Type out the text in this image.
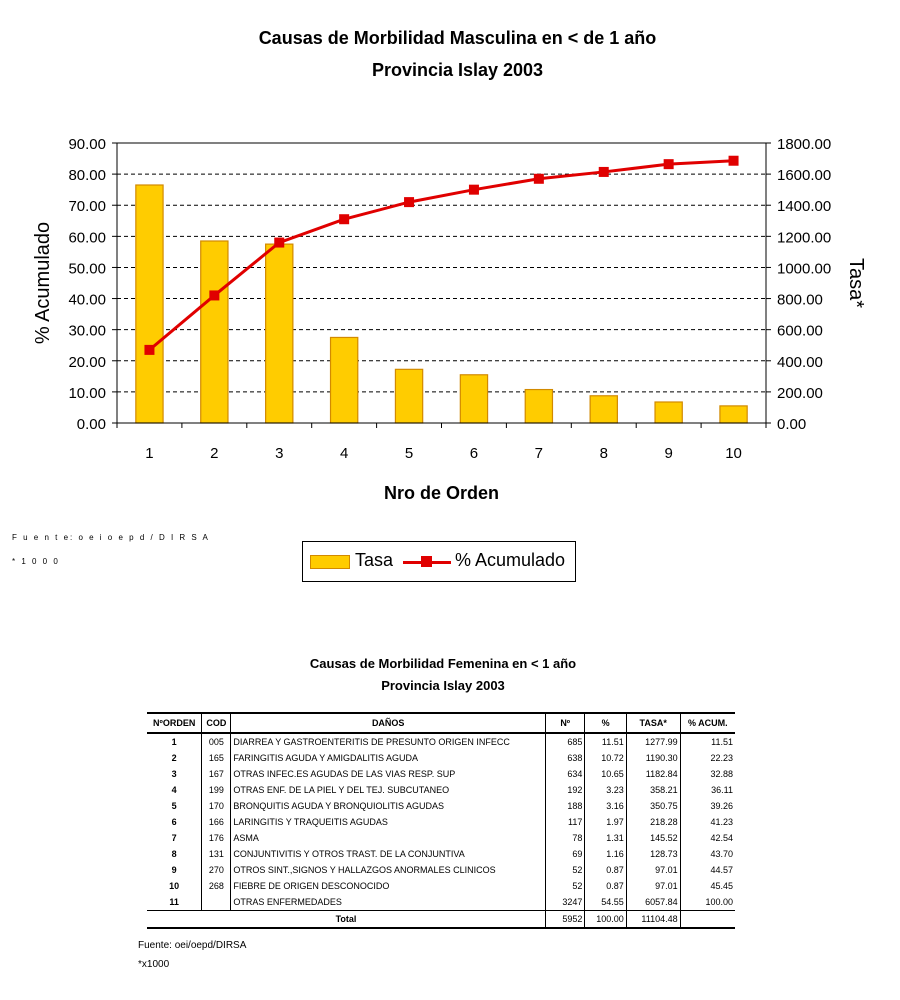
Causas de Morbilidad Masculina en < de 1 año
Provincia Islay 2003
0.00	0.00
10.00	200.00
20.00	400.00
30.00	600.00
40.00	800.00
50.00	1000.00
60.00	1200.00
70.00	1400.00
80.00	1600.00
90.00	1800.00
1	2	3	4	5	6	7	8	9	10
Nro de Orden
% Acumulado	Tasa*
F u e n t e: o e i o e p d / D I R S A
* 1 0 0 0	Tasa	% Acumulado
Causas de Morbilidad Femenina en < 1 año
Provincia Islay 2003
NºORDEN	COD	DAÑOS	Nº	%	TASA*	% ACUM.
1	005	DIARREA Y GASTROENTERITIS DE PRESUNTO ORIGEN INFECC	685	11.51	1277.99	11.51
2	165	FARINGITIS AGUDA Y AMIGDALITIS AGUDA	638	10.72	1190.30	22.23
3	167	OTRAS INFEC.ES AGUDAS DE LAS VIAS RESP. SUP	634	10.65	1182.84	32.88
4	199	OTRAS ENF. DE LA PIEL Y DEL TEJ. SUBCUTANEO	192	3.23	358.21	36.11
5	170	BRONQUITIS AGUDA Y BRONQUIOLITIS AGUDAS	188	3.16	350.75	39.26
6	166	LARINGITIS Y TRAQUEITIS AGUDAS	117	1.97	218.28	41.23
7	176	ASMA	78	1.31	145.52	42.54
8	131	CONJUNTIVITIS Y OTROS TRAST. DE LA CONJUNTIVA	69	1.16	128.73	43.70
9	270	OTROS SINT.,SIGNOS Y HALLAZGOS ANORMALES CLINICOS	52	0.87	97.01	44.57
10	268	FIEBRE DE ORIGEN DESCONOCIDO	52	0.87	97.01	45.45
11		OTRAS ENFERMEDADES	3247	54.55	6057.84	100.00
Total			5952	100.00	11104.48	
Fuente: oei/oepd/DIRSA
*x1000
